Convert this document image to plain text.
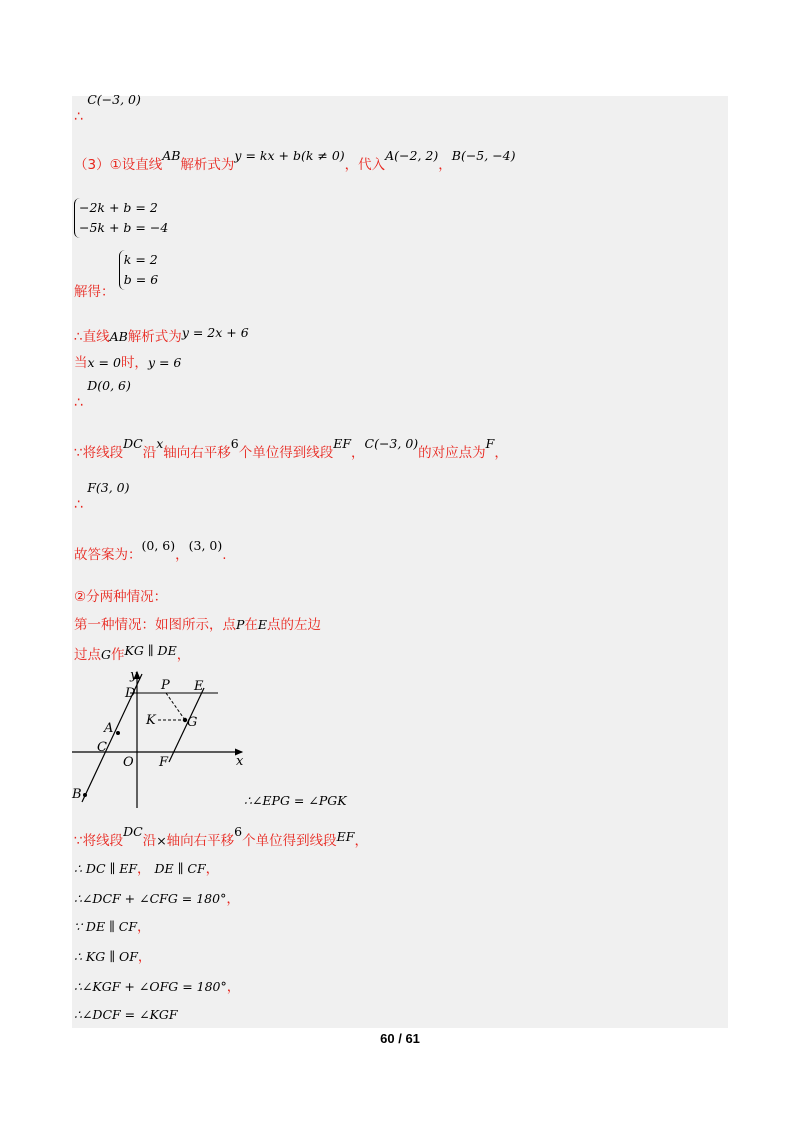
∴ C(−3, 0)
（3）①设直线AB解析式为y = kx + b(k ≠ 0)，代入A(−2, 2)，B(−5, −4)
−2k + b = 2
−5k + b = −4
解得： k = 2
b = 6
∴直线AB解析式为y = 2x + 6
当x = 0时，y = 6
∴ D(0, 6)
∵将线段DC沿x轴向右平移6个单位得到线段EF，C(−3, 0)的对应点为F，
∴ F(3, 0)
故答案为：(0, 6)，(3, 0).
②分两种情况：
第一种情况：如图所示，点P在E点的左边
过点G作KG ∥ DE，
y
x
D
P E
K G
A
C
O F
B	∴∠EPG = ∠PGK
∵将线段DC沿×轴向右平移6个单位得到线段EF，
∴ DC ∥ EF， DE ∥ CF，
∴∠DCF + ∠CFG = 180°，
∵ DE ∥ CF，
∴ KG ∥ OF，
∴∠KGF + ∠OFG = 180°，
∴∠DCF = ∠KGF
60 / 61
